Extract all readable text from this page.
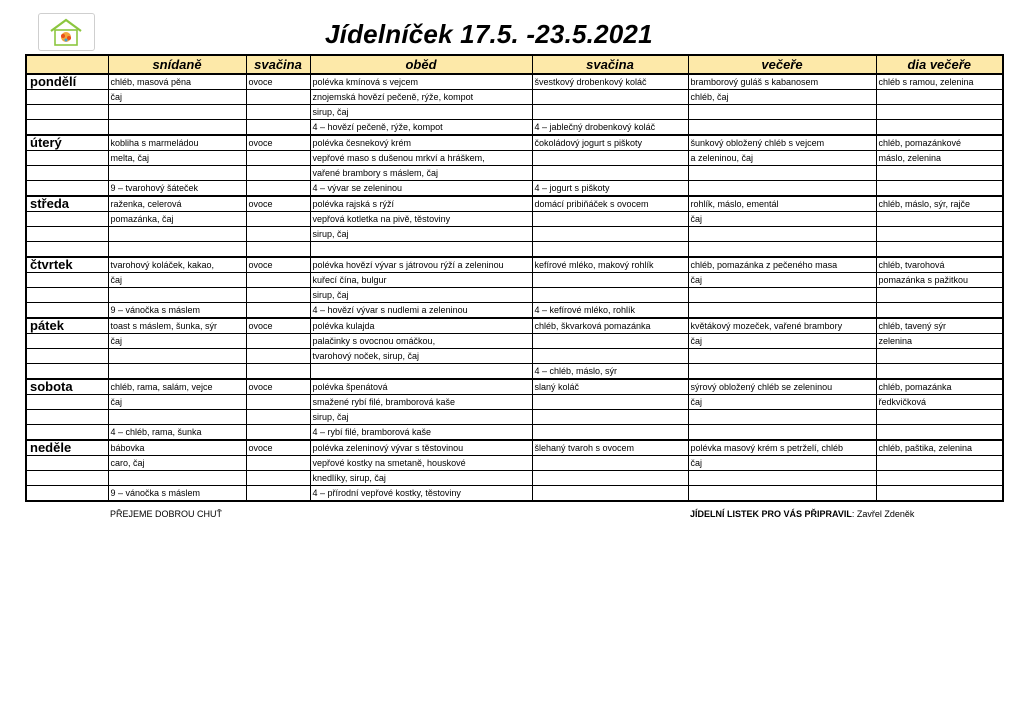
Jídelníček 17.5. -23.5.2021
	snídaně	svačina	oběd	svačina	večeře	dia večeře
pondělí	chléb, masová pěna	ovoce	polévka kmínová s vejcem	švestkový drobenkový koláč	bramborový guláš s kabanosem	chléb s ramou, zelenina
	čaj		znojemská hovězí pečeně, rýže, kompot		chléb, čaj	
			sirup, čaj			
			4 – hovězí pečeně, rýže, kompot	4 – jablečný drobenkový koláč		
úterý	kobliha s marmeládou	ovoce	polévka česnekový krém	čokoládový jogurt s piškoty	šunkový obložený chléb s vejcem	chléb, pomazánkové
	melta, čaj		vepřové maso s dušenou mrkví a hráškem,		a zeleninou, čaj	máslo, zelenina
			vařené brambory s máslem, čaj			
	9 – tvarohový šáteček		4 – vývar se zeleninou	4 – jogurt s piškoty		
středa	raženka, celerová	ovoce	polévka rajská s rýží	domácí pribiňáček s ovocem	rohlík, máslo, ementál	chléb, máslo, sýr, rajče
	pomazánka, čaj		vepřová kotletka na pivě, těstoviny		čaj	
			sirup, čaj			

čtvrtek	tvarohový koláček, kakao,	ovoce	polévka hovězí vývar s játrovou rýží a zeleninou	kefírové mléko, makový rohlík	chléb, pomazánka z pečeného masa	chléb, tvarohová
	čaj		kuřecí čína, bulgur		čaj	pomazánka s pažitkou
			sirup, čaj			
	9 – vánočka s máslem		4 – hovězí vývar s nudlemi a zeleninou	4 – kefírové mléko, rohlík		
pátek	toast s máslem, šunka, sýr	ovoce	polévka kulajda	chléb, škvarková pomazánka	květákový mozeček, vařené brambory	chléb, tavený sýr
	čaj		palačinky s ovocnou omáčkou,		čaj	zelenina
			tvarohový noček, sirup, čaj			
				4 – chléb, máslo, sýr		
sobota	chléb, rama, salám, vejce	ovoce	polévka špenátová	slaný koláč	sýrový obložený chléb se zeleninou	chléb, pomazánka
	čaj		smažené rybí filé, bramborová kaše		čaj	ředkvičková
			sirup, čaj			
	4 – chléb, rama, šunka		4 – rybí filé, bramborová kaše			
neděle	bábovka	ovoce	polévka zeleninový vývar s těstovinou	šlehaný tvaroh s ovocem	polévka masový krém s petrželí, chléb	chléb, paštika, zelenina
	caro, čaj		vepřové kostky na smetaně, houskové		čaj	
			knedlíky, sirup, čaj			
	9 – vánočka s máslem		4 – přírodní vepřové kostky, těstoviny			
PŘEJEME DOBROU CHUŤ	JÍDELNÍ LISTEK PRO VÁS PŘIPRAVIL: Zavřel Zdeněk
